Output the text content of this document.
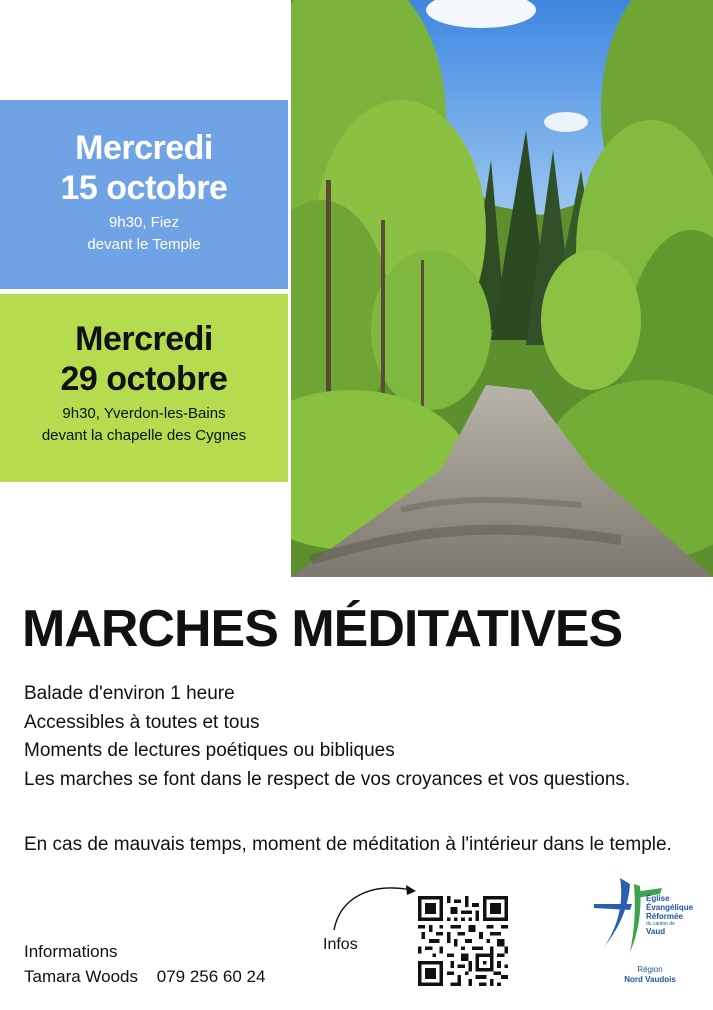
Mercredi
15 octobre
9h30, Fiez
devant le Temple
Mercredi
29 octobre
9h30, Yverdon-les-Bains
devant la chapelle des Cygnes
MARCHES MÉDITATIVES
Balade d'environ 1 heure
Accessibles à toutes et tous
Moments de lectures poétiques ou bibliques
Les marches se font dans le respect de vos croyances et vos questions.
En cas de mauvais temps, moment de méditation à l'intérieur dans le temple.
Informations
Tamara Woods 079 256 60 24
Infos
Église
Évangélique
Réformée
du canton de
Vaud
Région
Nord Vaudois
